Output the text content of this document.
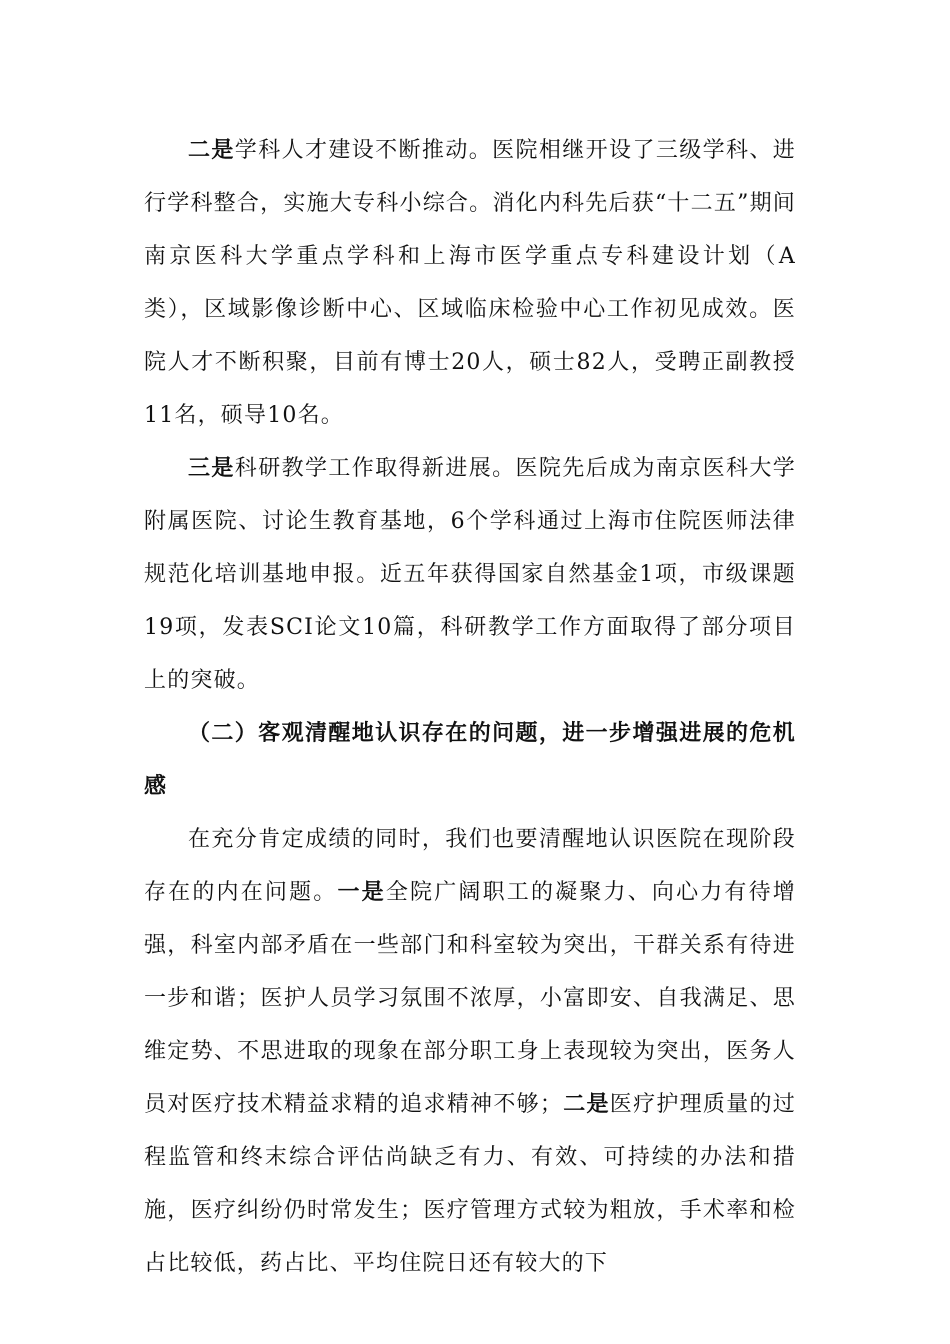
二是学科人才建设不断推动。医院相继开设了三级学科、进行学科整合，实施大专科小综合。消化内科先后获“十二五”期间南京医科大学重点学科和上海市医学重点专科建设计划（A类），区域影像诊断中心、区域临床检验中心工作初见成效。医院人才不断积聚，目前有博士20人，硕士82人，受聘正副教授11名，硕导10名。

三是科研教学工作取得新进展。医院先后成为南京医科大学附属医院、讨论生教育基地，6个学科通过上海市住院医师法律规范化培训基地申报。近五年获得国家自然基金1项，市级课题19项，发表SCI论文10篇，科研教学工作方面取得了部分项目上的突破。

（二）客观清醒地认识存在的问题，进一步增强进展的危机感

在充分肯定成绩的同时，我们也要清醒地认识医院在现阶段存在的内在问题。一是全院广阔职工的凝聚力、向心力有待增强，科室内部矛盾在一些部门和科室较为突出，干群关系有待进一步和谐；医护人员学习氛围不浓厚，小富即安、自我满足、思维定势、不思进取的现象在部分职工身上表现较为突出，医务人员对医疗技术精益求精的追求精神不够；二是医疗护理质量的过程监管和终末综合评估尚缺乏有力、有效、可持续的办法和措施，医疗纠纷仍时常发生；医疗管理方式较为粗放，手术率和检占比较低，药占比、平均住院日还有较大的下
